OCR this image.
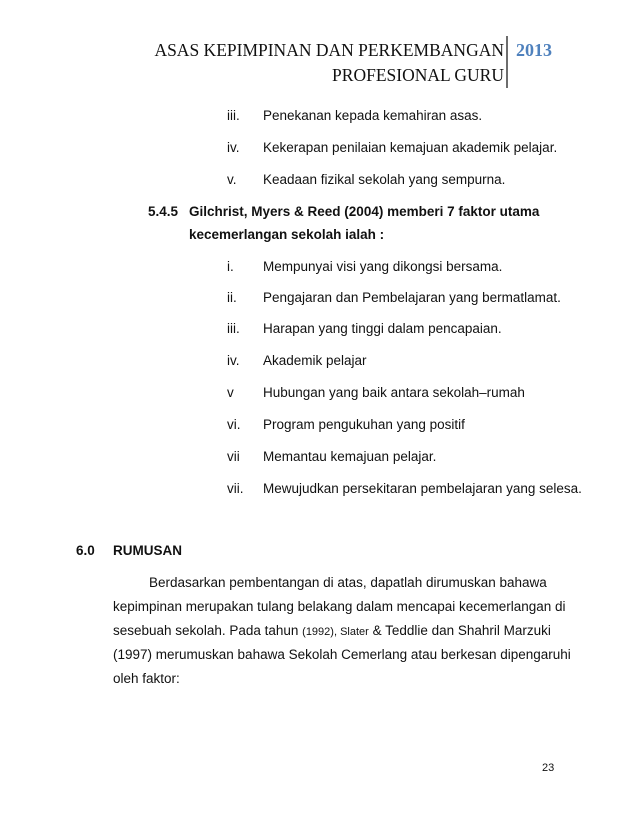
ASAS KEPIMPINAN DAN PERKEMBANGAN
PROFESIONAL GURU
2013
iii. Penekanan kepada kemahiran asas.
iv. Kekerapan penilaian kemajuan akademik pelajar.
v. Keadaan fizikal sekolah yang sempurna.
5.4.5 Gilchrist, Myers & Reed (2004) memberi 7 faktor utama
kecemerlangan sekolah ialah :
i. Mempunyai visi yang dikongsi bersama.
ii. Pengajaran dan Pembelajaran yang bermatlamat.
iii. Harapan yang tinggi dalam pencapaian.
iv. Akademik pelajar
v Hubungan yang baik antara sekolah–rumah
vi. Program pengukuhan yang positif
vii Memantau kemajuan pelajar.
vii. Mewujudkan persekitaran pembelajaran yang selesa.
6.0 RUMUSAN
Berdasarkan pembentangan di atas, dapatlah dirumuskan bahawa
kepimpinan merupakan tulang belakang dalam mencapai kecemerlangan di
sesebuah sekolah. Pada tahun (1992), Slater & Teddlie dan Shahril Marzuki
(1997) merumuskan bahawa Sekolah Cemerlang atau berkesan dipengaruhi
oleh faktor:
23
